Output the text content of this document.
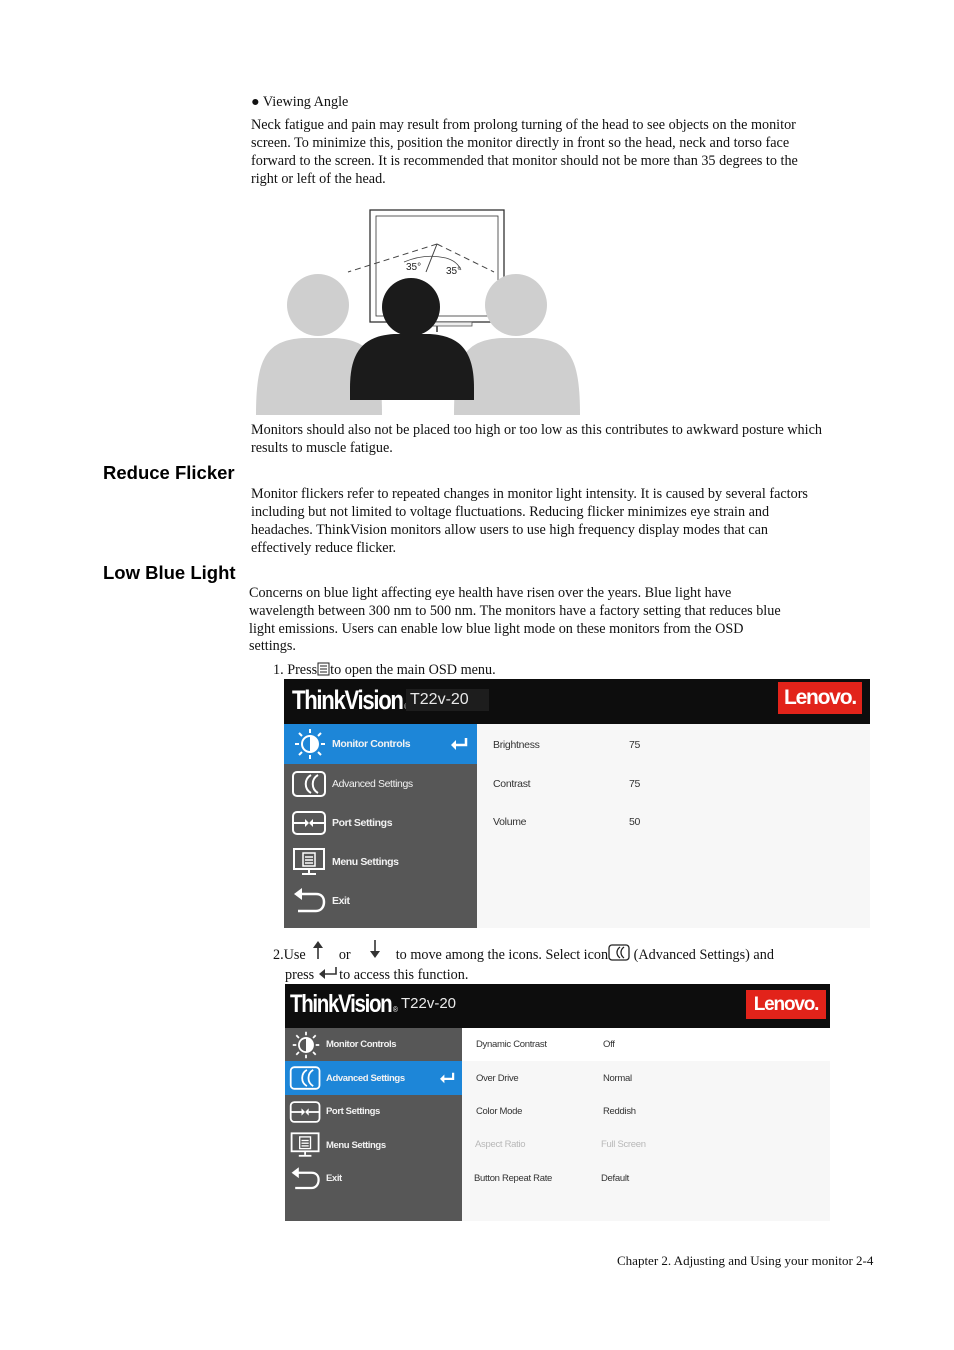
● Viewing Angle
Neck fatigue and pain may result from prolong turning of the head to see objects on the monitor
screen. To minimize this, position the monitor directly in front so the head, neck and torso face
forward to the screen. It is recommended that monitor should not be more than 35 degrees to the
right or left of the head.
35° 35°
Monitors should also not be placed too high or too low as this contributes to awkward posture which
results to muscle fatigue.
Reduce Flicker
Monitor flickers refer to repeated changes in monitor light intensity. It is caused by several factors
including but not limited to voltage fluctuations. Reducing flicker minimizes eye strain and
headaches. ThinkVision monitors allow users to use high frequency display modes that can
effectively reduce flicker.
Low Blue Light
Concerns on blue light affecting eye health have risen over the years. Blue light have
wavelength between 300 nm to 500 nm. The monitors have a factory setting that reduces blue
light emissions. Users can enable low blue light mode on these monitors from the OSD
settings.
1. Press to open the main OSD menu.
ThinkVision T22v-20	Lenovo.
Monitor Controls
Advanced Settings
Port Settings
Menu Settings
Exit
Brightness	75
Contrast	75
Volume	50
2.Use or	to move among the icons. Select icon (Advanced Settings) and
press to access this function.
ThinkVision ® T22v-20	Lenovo.
Monitor Controls
Advanced Settings
Port Settings
Menu Settings
Exit
Dynamic Contrast	Off
Over Drive	Normal
Color Mode	Reddish
Aspect Ratio	Full Screen
Button Repeat Rate	Default
Chapter 2. Adjusting and Using your monitor 2-4
